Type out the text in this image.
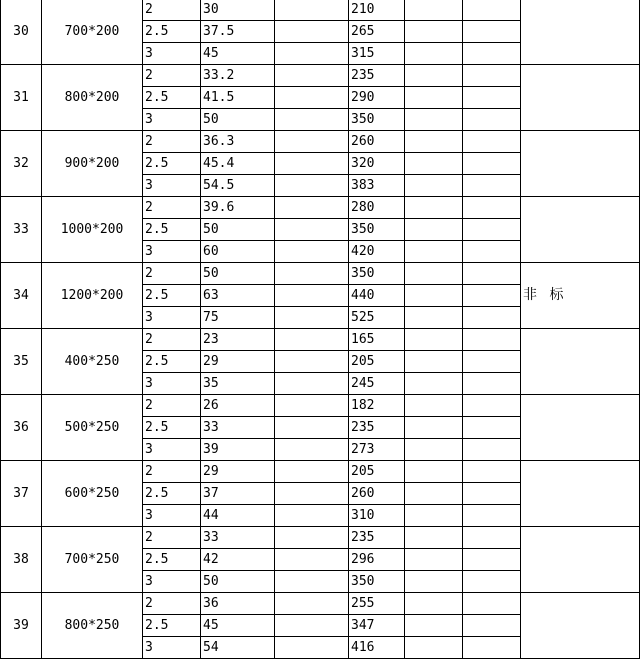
30	700*200	2	30		210			
		2.5	37.5		265			
		3	45		315			
31	800*200	2	33.2		235			
		2.5	41.5		290			
		3	50		350			
32	900*200	2	36.3		260			
		2.5	45.4		320			
		3	54.5		383			
33	1000*200	2	39.6		280			
		2.5	50		350			
		3	60		420			
34	1200*200	2	50		350			非 标
		2.5	63		440			
		3	75		525			
35	400*250	2	23		165			
		2.5	29		205			
		3	35		245			
36	500*250	2	26		182			
		2.5	33		235			
		3	39		273			
37	600*250	2	29		205			
		2.5	37		260			
		3	44		310			
38	700*250	2	33		235			
		2.5	42		296			
		3	50		350			
39	800*250	2	36		255			
		2.5	45		347			
		3	54		416			
